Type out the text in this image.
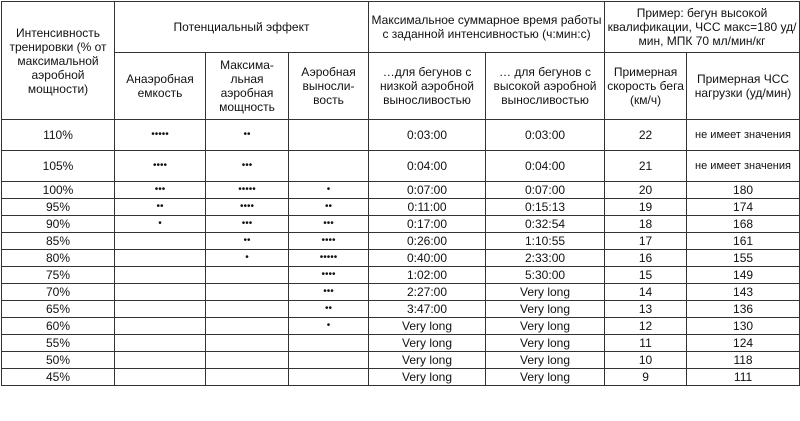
Интенсивность тренировки (% от максимальной аэробной мощности)	Потенциальный эффект			Максимальное суммарное время работы с заданной интенсивностью (ч:мин:с)		Пример: бегун высокой квалификации, ЧСС макс=180 уд/мин, МПК 70 мл/мин/кг	
	Анаэробная емкость	Максима-льная аэробная мощность	Аэробная выносли-вость	…для бегунов с низкой аэробной выносливостью	… для бегунов с высокой аэробной выносливостью	Примерная скорость бега (км/ч)	Примерная ЧСС нагрузки (уд/мин)
110%	•••••	••		0:03:00	0:03:00	22	не имеет значения
105%	••••	•••		0:04:00	0:04:00	21	не имеет значения
100%	•••	•••••	•	0:07:00	0:07:00	20	180
95%	••	••••	••	0:11:00	0:15:13	19	174
90%	•	•••	•••	0:17:00	0:32:54	18	168
85%		••	••••	0:26:00	1:10:55	17	161
80%		•	•••••	0:40:00	2:33:00	16	155
75%			••••	1:02:00	5:30:00	15	149
70%			•••	2:27:00	Very long	14	143
65%			••	3:47:00	Very long	13	136
60%			•	Very long	Very long	12	130
55%				Very long	Very long	11	124
50%				Very long	Very long	10	118
45%				Very long	Very long	9	111
